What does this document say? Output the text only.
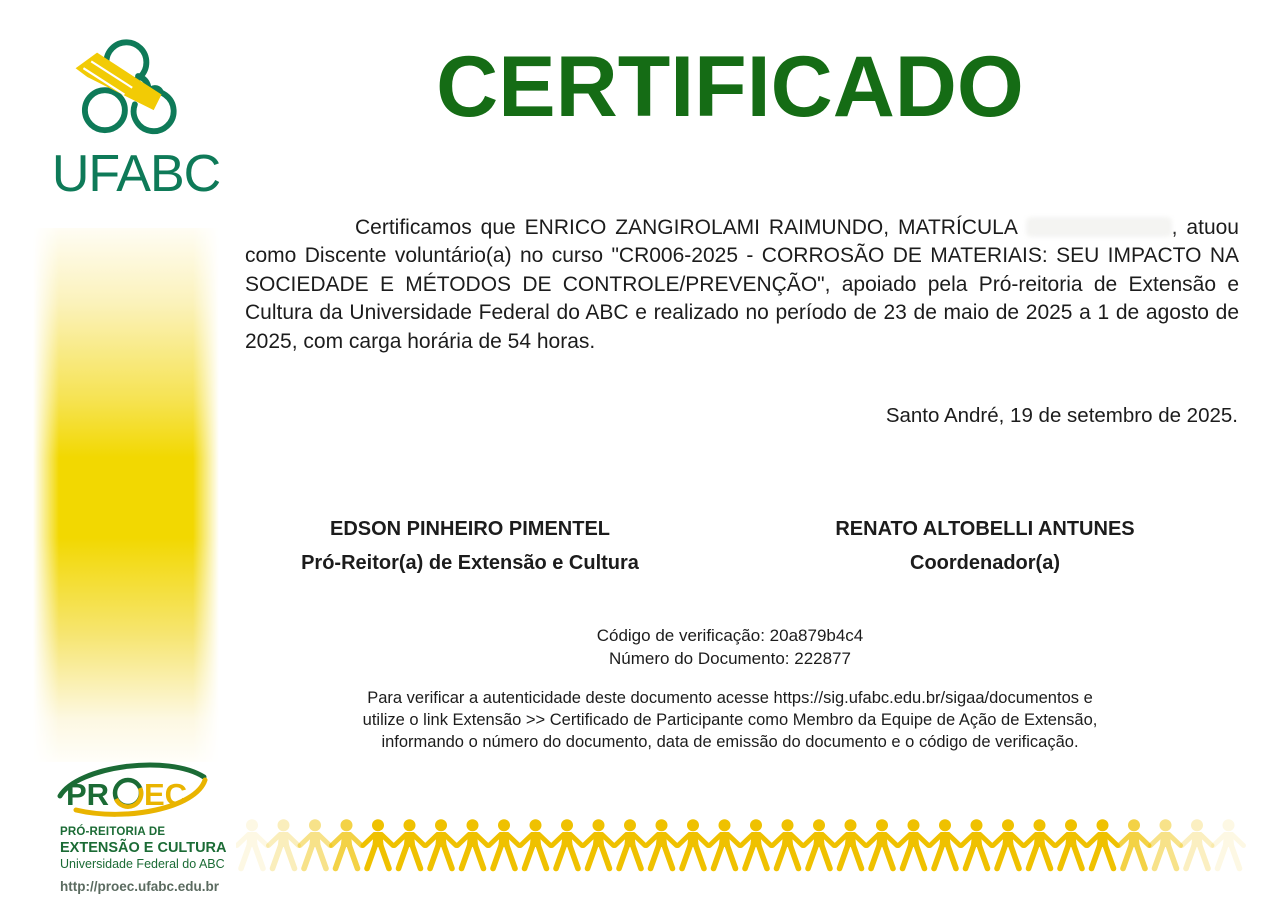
UFABC
CERTIFICADO
Certificamos que ENRICO ZANGIROLAMI RAIMUNDO, MATRÍCULA	, atuou como Discente voluntário(a) no curso "CR006-2025 - CORROSÃO DE MATERIAIS: SEU IMPACTO NA SOCIEDADE E MÉTODOS DE CONTROLE/PREVENÇÃO", apoiado pela Pró-reitoria de Extensão e Cultura da Universidade Federal do ABC e realizado no período de 23 de maio de 2025 a 1 de agosto de 2025, com carga horária de 54 horas.
Santo André, 19 de setembro de 2025.
EDSON PINHEIRO PIMENTEL
Pró-Reitor(a) de Extensão e Cultura
RENATO ALTOBELLI ANTUNES
Coordenador(a)
Código de verificação: 20a879b4c4
Número do Documento: 222877
Para verificar a autenticidade deste documento acesse https://sig.ufabc.edu.br/sigaa/documentos e
utilize o link Extensão >> Certificado de Participante como Membro da Equipe de Ação de Extensão,
informando o número do documento, data de emissão do documento e o código de verificação.
PR EC
PRÓ-REITORIA DE
EXTENSÃO E CULTURA
Universidade Federal do ABC
http://proec.ufabc.edu.br
